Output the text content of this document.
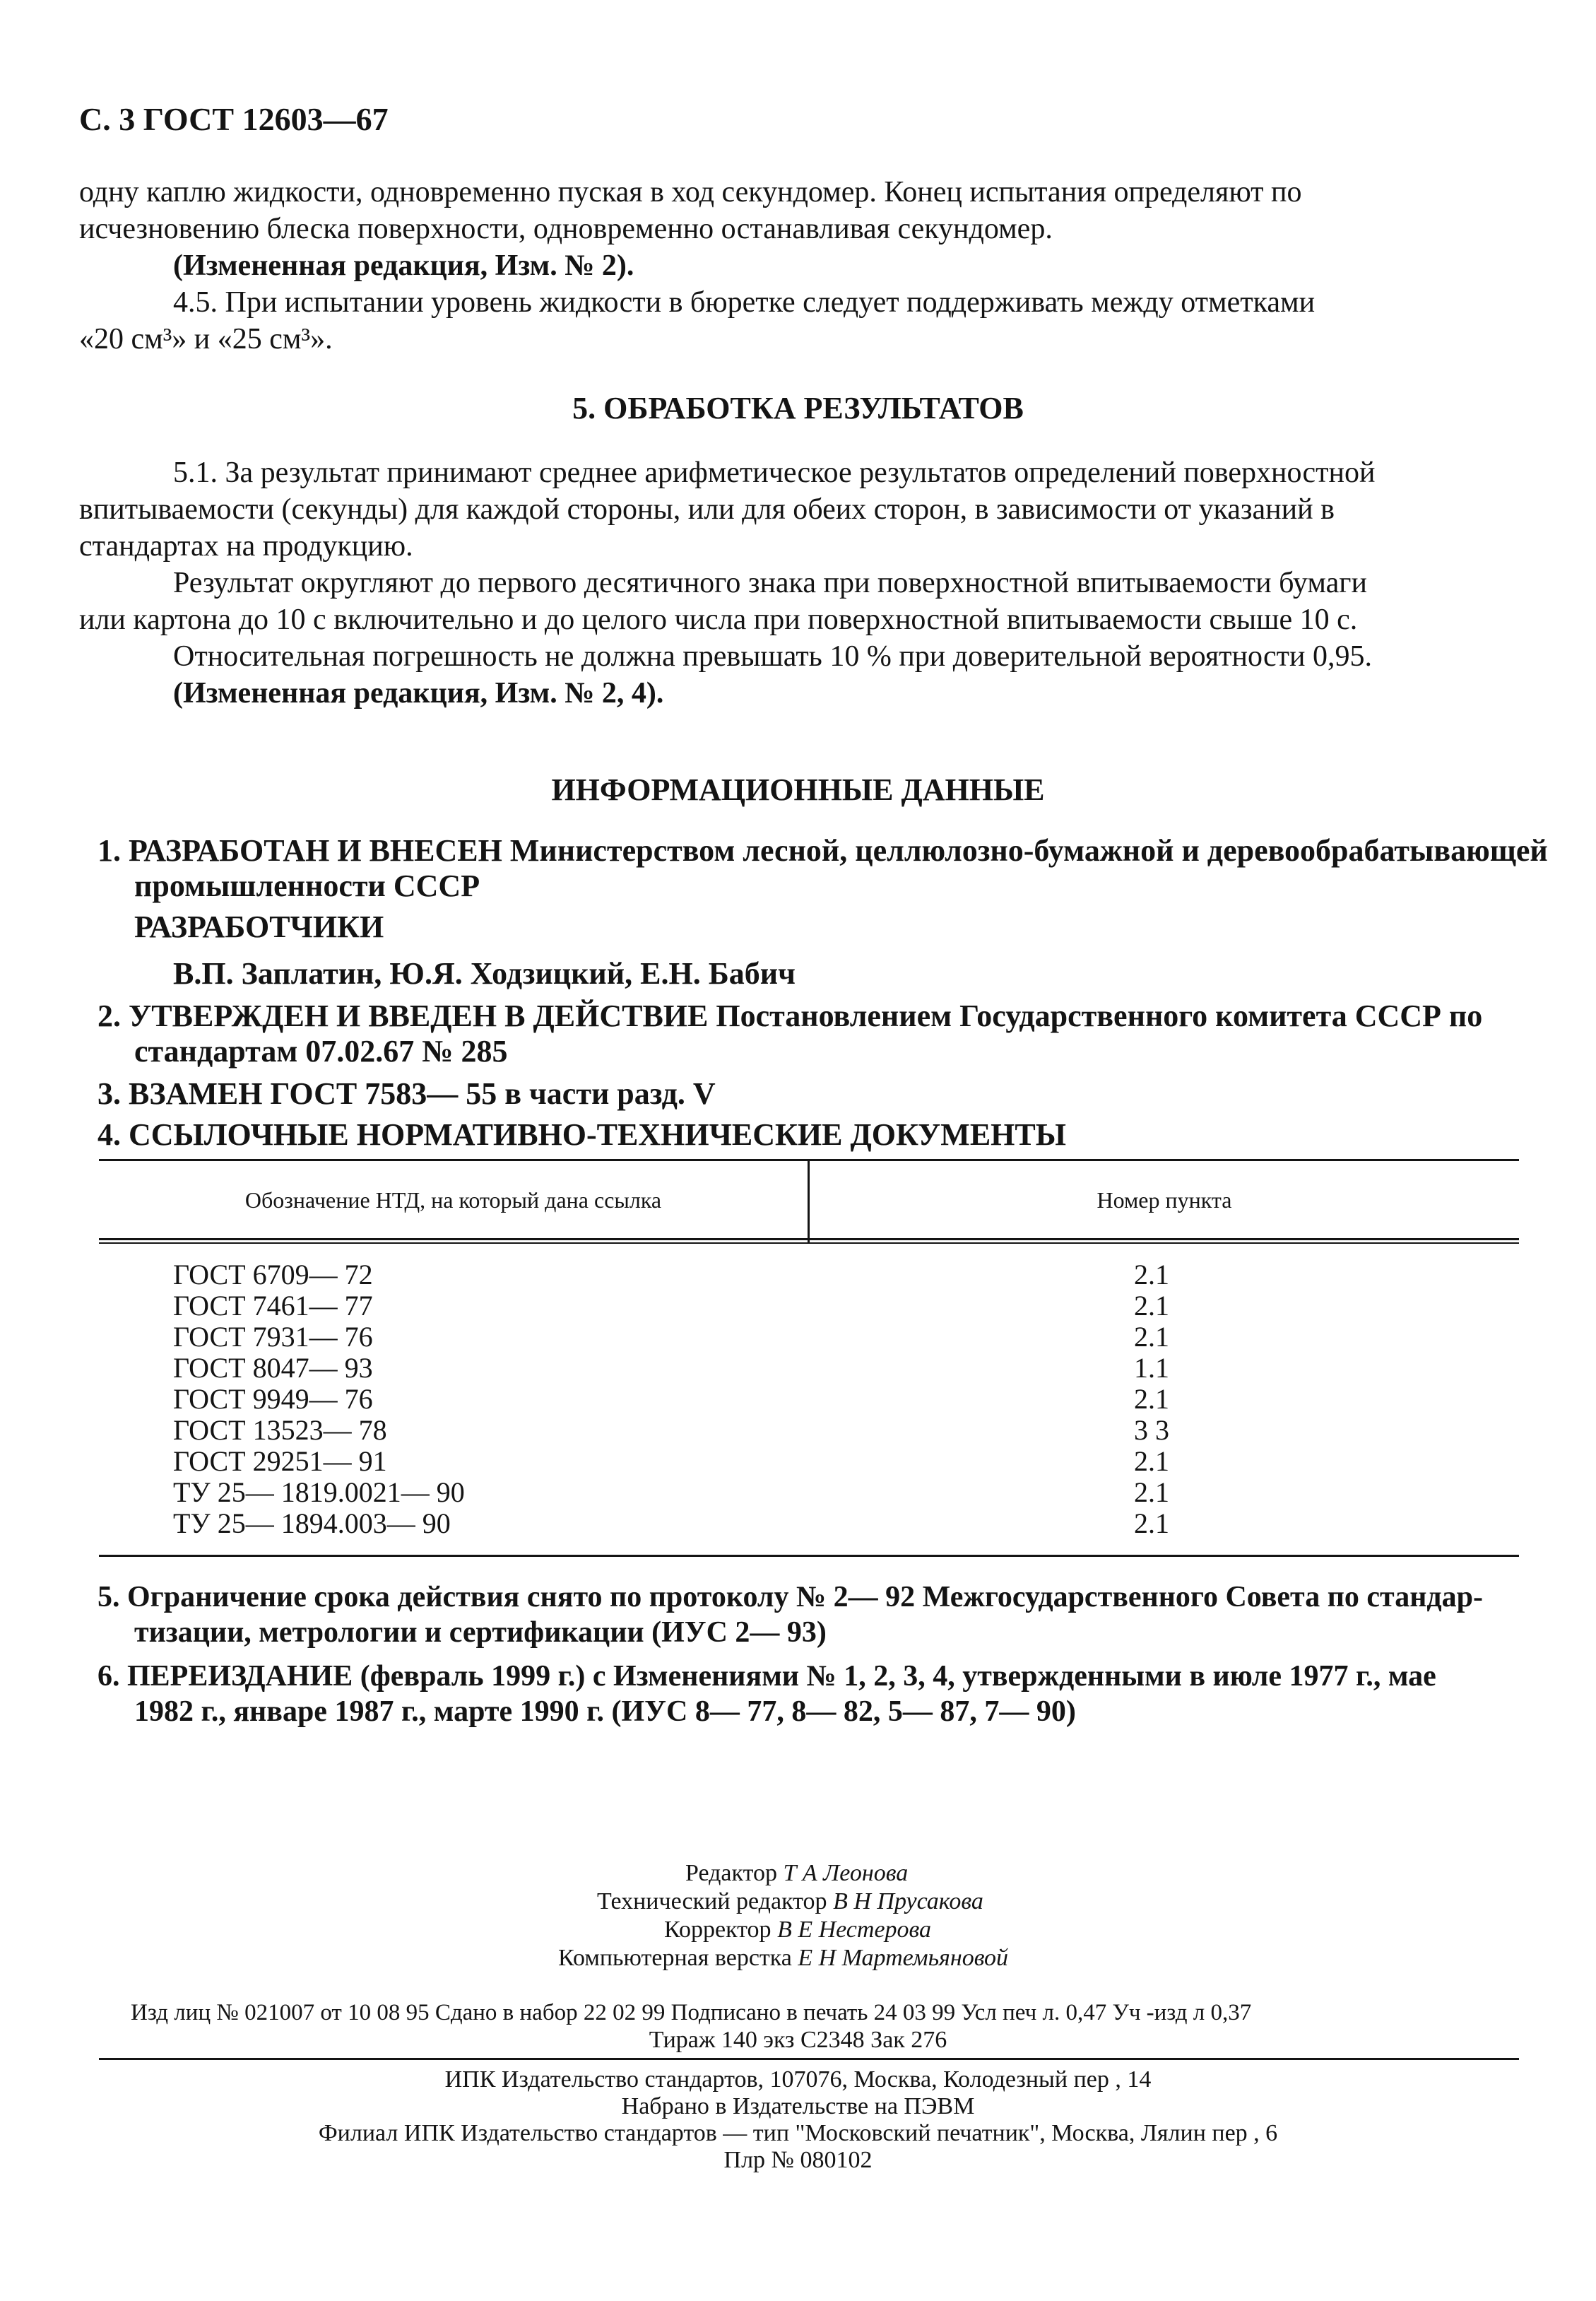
С. 3 ГОСТ 12603—67

одну каплю жидкости, одновременно пуская в ход секундомер. Конец испытания определяют по

исчезновению блеска поверхности, одновременно останавливая секундомер.

(Измененная редакция, Изм. № 2).

4.5. При испытании уровень жидкости в бюретке следует поддерживать между отметками

«20 см³» и «25 см³».

5. ОБРАБОТКА РЕЗУЛЬТАТОВ

5.1. За результат принимают среднее арифметическое результатов определений поверхностной

впитываемости (секунды) для каждой стороны, или для обеих сторон, в зависимости от указаний в

стандартах на продукцию.

Результат округляют до первого десятичного знака при поверхностной впитываемости бумаги

или картона до 10 с включительно и до целого числа при поверхностной впитываемости свыше 10 с.

Относительная погрешность не должна превышать 10 % при доверительной вероятности 0,95.

(Измененная редакция, Изм. № 2, 4).

ИНФОРМАЦИОННЫЕ ДАННЫЕ

1. РАЗРАБОТАН И ВНЕСЕН Министерством лесной, целлюлозно-бумажной и деревообрабатывающей

промышленности СССР

РАЗРАБОТЧИКИ

В.П. Заплатин, Ю.Я. Ходзицкий, Е.Н. Бабич

2. УТВЕРЖДЕН И ВВЕДЕН В ДЕЙСТВИЕ Постановлением Государственного комитета СССР по

стандартам 07.02.67 № 285

3. ВЗАМЕН ГОСТ 7583— 55 в части разд. V

4. ССЫЛОЧНЫЕ НОРМАТИВНО-ТЕХНИЧЕСКИЕ ДОКУМЕНТЫ

Обозначение НТД, на который дана ссылка	Номер пункта

ГОСТ 6709— 72
ГОСТ 7461— 77
ГОСТ 7931— 76
ГОСТ 8047— 93
ГОСТ 9949— 76
ГОСТ 13523— 78
ГОСТ 29251— 91
ТУ 25— 1819.0021— 90
ТУ 25— 1894.003— 90
2.1
2.1
2.1
1.1
2.1
3 3
2.1
2.1
2.1

5. Ограничение срока действия снято по протоколу № 2— 92 Межгосударственного Совета по стандар-

тизации, метрологии и сертификации (ИУС 2— 93)

6. ПЕРЕИЗДАНИЕ (февраль 1999 г.) с Изменениями № 1, 2, 3, 4, утвержденными в июле 1977 г., мае

1982 г., январе 1987 г., марте 1990 г. (ИУС 8— 77, 8— 82, 5— 87, 7— 90)

Редактор Т А Леонова
Технический редактор В Н Прусакова
Корректор В Е Нестерова
Компьютерная верстка Е Н Мартемьяновой

Изд лиц № 021007 от 10 08 95 Сдано в набор 22 02 99 Подписано в печать 24 03 99 Усл печ л. 0,47 Уч -изд л 0,37

Тираж 140 экз С2348 Зак 276

ИПК Издательство стандартов, 107076, Москва, Колодезный пер , 14

Набрано в Издательстве на ПЭВМ

Филиал ИПК Издательство стандартов — тип "Московский печатник", Москва, Лялин пер , 6

Плр № 080102
